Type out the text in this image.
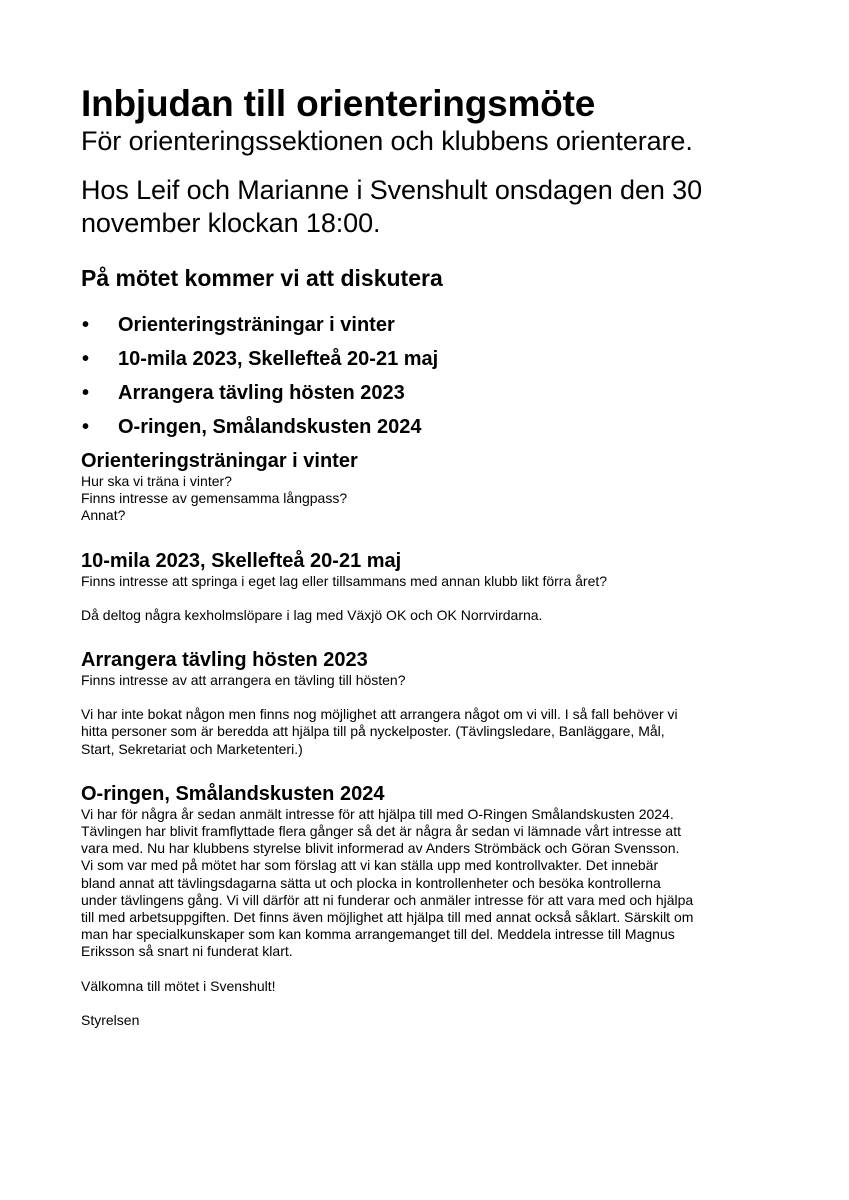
Inbjudan till orienteringsmöte

För orienteringssektionen och klubbens orienterare.

Hos Leif och Marianne i Svenshult onsdagen den 30 november klockan 18:00.

På mötet kommer vi att diskutera
• Orienteringsträningar i vinter
• 10-mila 2023, Skellefteå 20-21 maj
• Arrangera tävling hösten 2023
• O-ringen, Smålandskusten 2024
Orienteringsträningar i vinter

Hur ska vi träna i vinter?

Finns intresse av gemensamma långpass?

Annat?

10-mila 2023, Skellefteå 20-21 maj

Finns intresse att springa i eget lag eller tillsammans med annan klubb likt förra året?

Då deltog några kexholmslöpare i lag med Växjö OK och OK Norrvirdarna.

Arrangera tävling hösten 2023

Finns intresse av att arrangera en tävling till hösten?

Vi har inte bokat någon men finns nog möjlighet att arrangera något om vi vill. I så fall behöver vi

hitta personer som är beredda att hjälpa till på nyckelposter. (Tävlingsledare, Banläggare, Mål,

Start, Sekretariat och Marketenteri.)

O-ringen, Smålandskusten 2024

Vi har för några år sedan anmält intresse för att hjälpa till med O-Ringen Smålandskusten 2024.

Tävlingen har blivit framflyttade flera gånger så det är några år sedan vi lämnade vårt intresse att

vara med. Nu har klubbens styrelse blivit informerad av Anders Strömbäck och Göran Svensson.

Vi som var med på mötet har som förslag att vi kan ställa upp med kontrollvakter. Det innebär

bland annat att tävlingsdagarna sätta ut och plocka in kontrollenheter och besöka kontrollerna

under tävlingens gång. Vi vill därför att ni funderar och anmäler intresse för att vara med och hjälpa

till med arbetsuppgiften. Det finns även möjlighet att hjälpa till med annat också såklart. Särskilt om

man har specialkunskaper som kan komma arrangemanget till del. Meddela intresse till Magnus

Eriksson så snart ni funderat klart.

Välkomna till mötet i Svenshult!

Styrelsen
